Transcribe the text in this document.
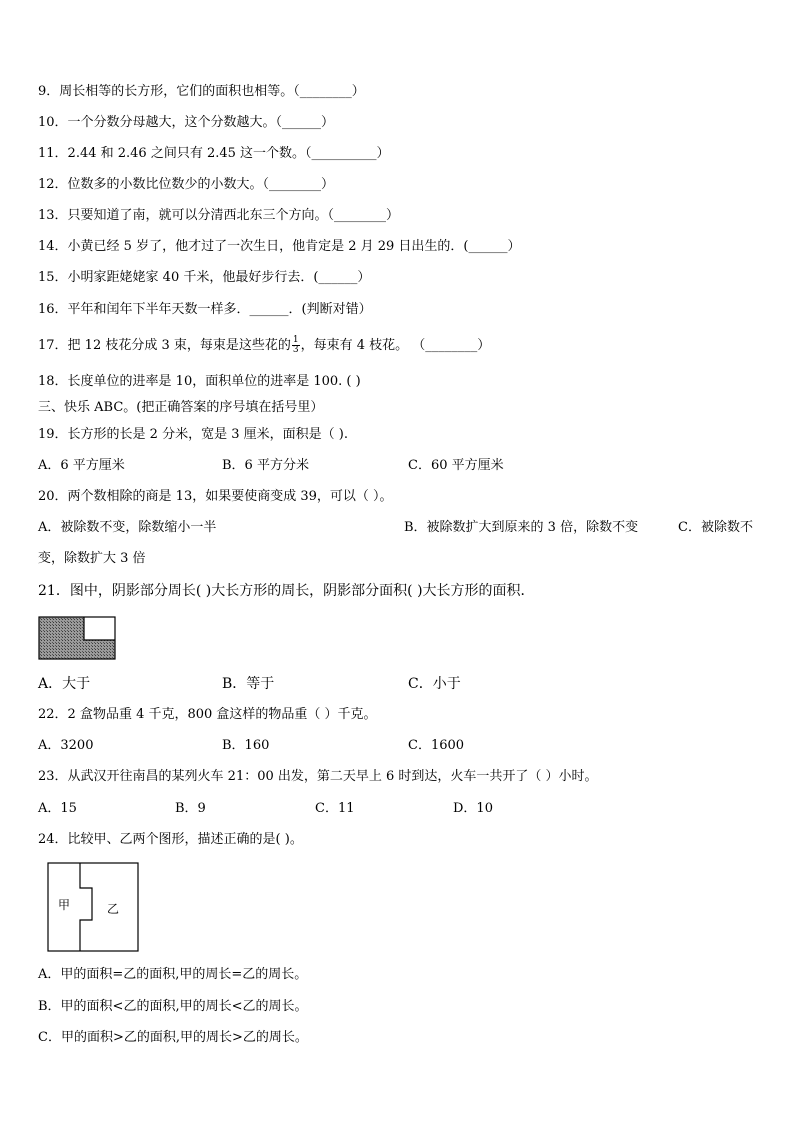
9．周长相等的长方形，它们的面积也相等。（________）
10．一个分数分母越大，这个分数越大。（______）
11．2.44 和 2.46 之间只有 2.45 这一个数。（__________）
12．位数多的小数比位数少的小数大。（________）
13．只要知道了南，就可以分清西北东三个方向。（________）
14．小黄已经 5 岁了，他才过了一次生日，他肯定是 2 月 29 日出生的．(______）
15．小明家距姥姥家 40 千米，他最好步行去．(______）
16．平年和闰年下半年天数一样多．______．(判断对错）
17．把 12 枝花分成 3 束，每束是这些花的 $\frac{1}{3}$ ，每束有 4 枝花。 （________）
18．长度单位的进率是 10，面积单位的进率是 100. ( )
三、快乐 ABC。(把正确答案的序号填在括号里）
19．长方形的长是 2 分米，宽是 3 厘米，面积是（ ).
A．6 平方厘米	B．6 平方分米	C．60 平方厘米
20．两个数相除的商是 13，如果要使商变成 39，可以（ ）。
A．被除数不变，除数缩小一半	B．被除数扩大到原来的 3 倍，除数不变	C．被除数不
变，除数扩大 3 倍
21．图中，阴影部分周长( )大长方形的周长，阴影部分面积( )大长方形的面积．
A．大于	B．等于	C．小于
22．2 盒物品重 4 千克，800 盒这样的物品重（ ）千克。
A．3200	B．160	C．1600
23．从武汉开往南昌的某列火车 21：00 出发，第二天早上 6 时到达，火车一共开了（ ）小时。
A．15	B．9	C．11	D．10
24．比较甲、乙两个图形，描述正确的是( )。
甲	乙
A．甲的面积=乙的面积,甲的周长=乙的周长。
B．甲的面积<乙的面积,甲的周长<乙的周长。
C．甲的面积>乙的面积,甲的周长>乙的周长。
